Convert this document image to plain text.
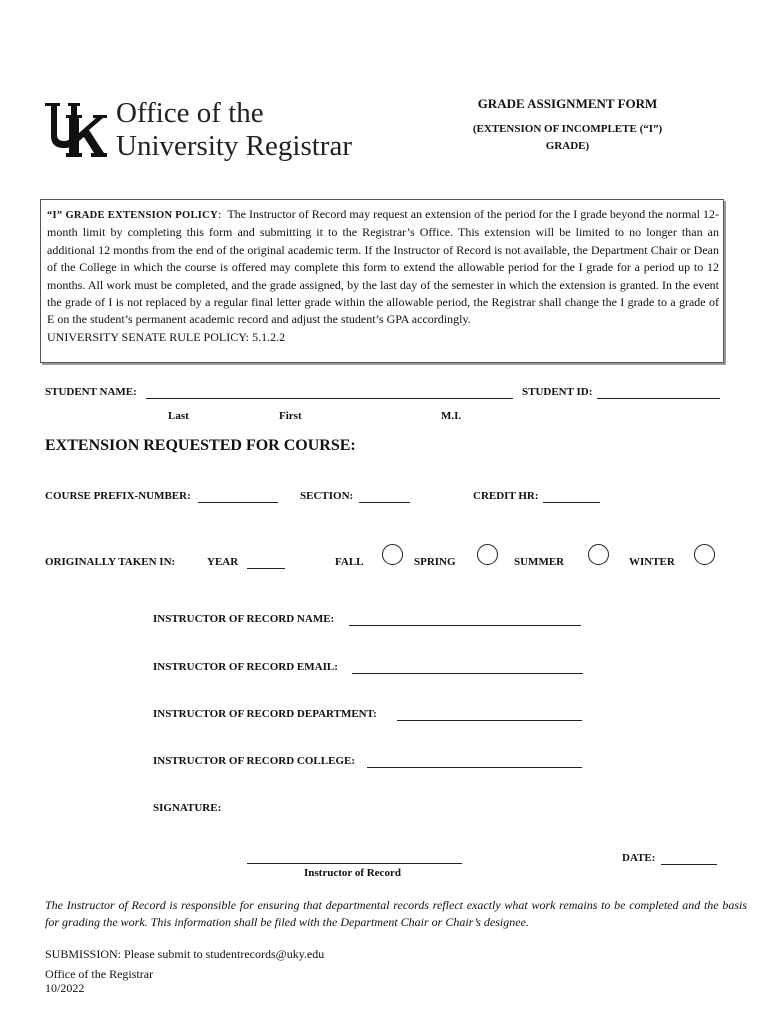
Office of the
University Registrar
GRADE ASSIGNMENT FORM
(EXTENSION OF INCOMPLETE (“I”)
GRADE)
“I” GRADE EXTENSION POLICY:  The Instructor of Record may request an extension of the period for the I grade beyond the normal 12-month limit by completing this form and submitting it to the Registrar’s Office. This extension will be limited to no longer than an additional 12 months from the end of the original academic term. If the Instructor of Record is not available, the Department Chair or Dean of the College in which the course is offered may complete this form to extend the allowable period for the I grade for a period up to 12 months. All work must be completed, and the grade assigned, by the last day of the semester in which the extension is granted. In the event the grade of I is not replaced by a regular final letter grade within the allowable period, the Registrar shall change the I grade to a grade of E on the student’s permanent academic record and adjust the student’s GPA accordingly.
UNIVERSITY SENATE RULE POLICY: 5.1.2.2
STUDENT NAME:	STUDENT ID:
Last	First	M.I.
EXTENSION REQUESTED FOR COURSE:
COURSE PREFIX-NUMBER:	SECTION:	CREDIT HR:
ORIGINALLY TAKEN IN:	YEAR	FALL	SPRING	SUMMER	WINTER
INSTRUCTOR OF RECORD NAME:
INSTRUCTOR OF RECORD EMAIL:
INSTRUCTOR OF RECORD DEPARTMENT:
INSTRUCTOR OF RECORD COLLEGE:
SIGNATURE:
Instructor of Record
DATE:
The Instructor of Record is responsible for ensuring that departmental records reflect exactly what work remains to be completed and the basis for grading the work. This information shall be filed with the Department Chair or Chair’s designee.
SUBMISSION: Please submit to studentrecords@uky.edu
Office of the Registrar
10/2022
